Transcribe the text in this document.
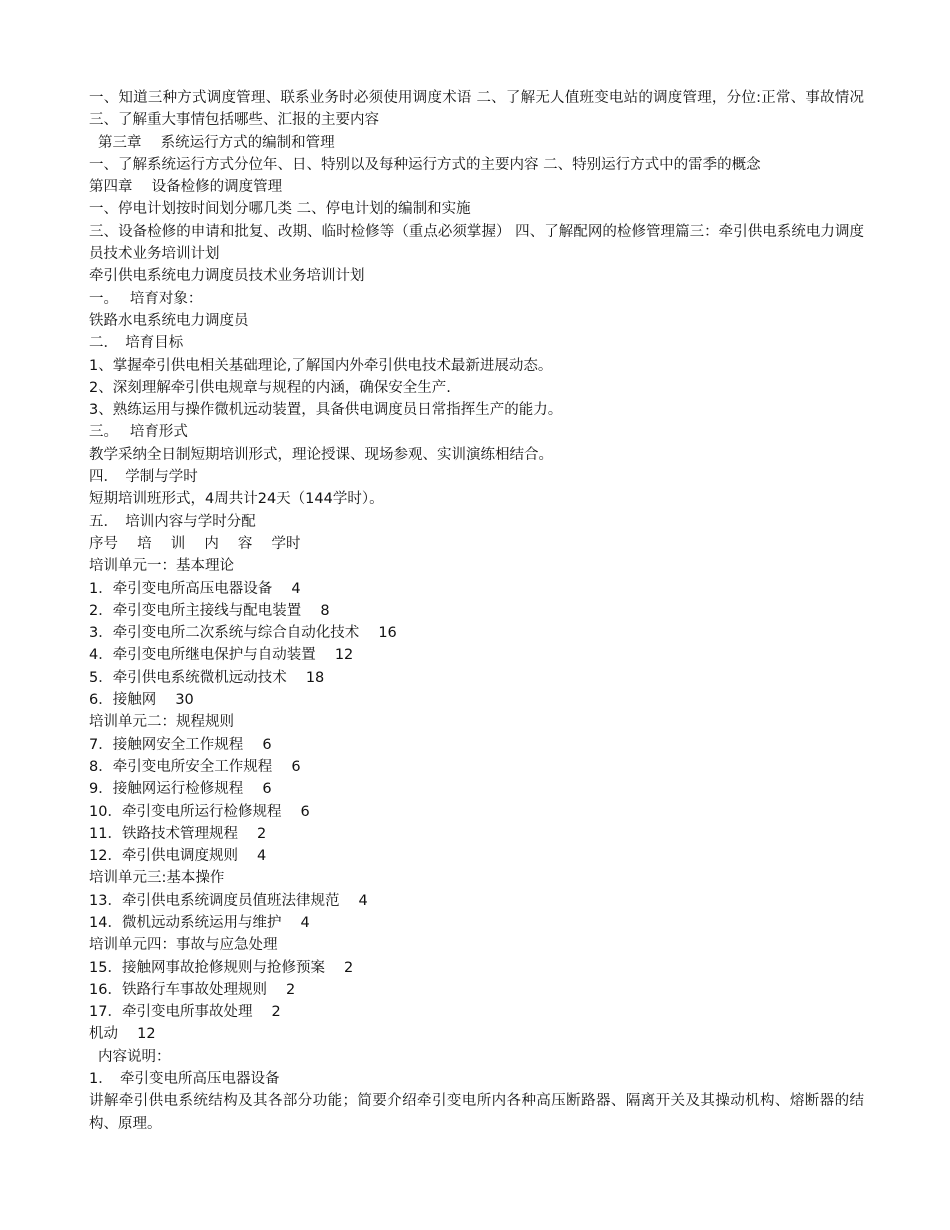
一、知道三种方式调度管理、联系业务时必须使用调度术语 二、了解无人值班变电站的调度管理，分位:正常、事故情况 三、了解重大事情包括哪些、汇报的主要内容
第三章　 系统运行方式的编制和管理
一、了解系统运行方式分位年、日、特别以及每种运行方式的主要内容 二、特别运行方式中的雷季的概念
第四章　 设备检修的调度管理
一、停电计划按时间划分哪几类 二、停电计划的编制和实施
三、设备检修的申请和批复、改期、临时检修等（重点必须掌握） 四、了解配网的检修管理篇三：牵引供电系统电力调度员技术业务培训计划
牵引供电系统电力调度员技术业务培训计划
一。　 培育对象：
铁路水电系统电力调度员
二．　培育目标
1、掌握牵引供电相关基础理论,了解国内外牵引供电技术最新进展动态。
2、深刻理解牵引供电规章与规程的内涵，确保安全生产.
3、熟练运用与操作微机远动装置，具备供电调度员日常指挥生产的能力。
三。　 培育形式
教学采纳全日制短期培训形式，理论授课、现场参观、实训演练相结合。
四．　学制与学时
短期培训班形式，4周共计24天（144学时）。
五．　培训内容与学时分配
序号　 培　 训　 内　 容　 学时
培训单元一：基本理论
1．牵引变电所高压电器设备　 4
2．牵引变电所主接线与配电装置　 8
3．牵引变电所二次系统与综合自动化技术　 16
4．牵引变电所继电保护与自动装置　 12
5．牵引供电系统微机远动技术　 18
6．接触网　 30
培训单元二：规程规则
7．接触网安全工作规程　 6
8．牵引变电所安全工作规程　 6
9．接触网运行检修规程　 6
10．牵引变电所运行检修规程　 6
11．铁路技术管理规程　 2
12．牵引供电调度规则　 4
培训单元三:基本操作
13．牵引供电系统调度员值班法律规范　 4
14．微机远动系统运用与维护　 4
培训单元四：事故与应急处理
15．接触网事故抢修规则与抢修预案　 2
16．铁路行车事故处理规则　 2
17．牵引变电所事故处理　 2
机动　 12
内容说明：
1．　牵引变电所高压电器设备
讲解牵引供电系统结构及其各部分功能；简要介绍牵引变电所内各种高压断路器、隔离开关及其操动机构、熔断器的结构、原理。
